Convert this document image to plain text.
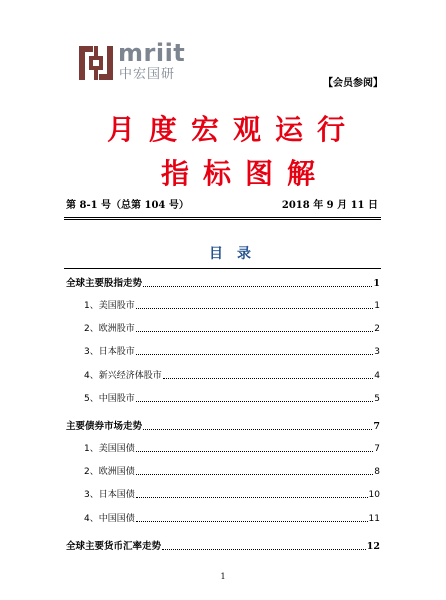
mriit
中宏国研
【会员参阅】
月度宏观运行
指标图解
第 8-1 号（总第 104 号）	2018 年 9 月 11 日
目录
全球主要股指走势	1
1、美国股市	1
2、欧洲股市	2
3、日本股市	3
4、新兴经济体股市	4
5、中国股市	5
主要债券市场走势	7
1、美国国债	7
2、欧洲国债	8
3、日本国债	10
4、中国国债	11
全球主要货币汇率走势	12
1
